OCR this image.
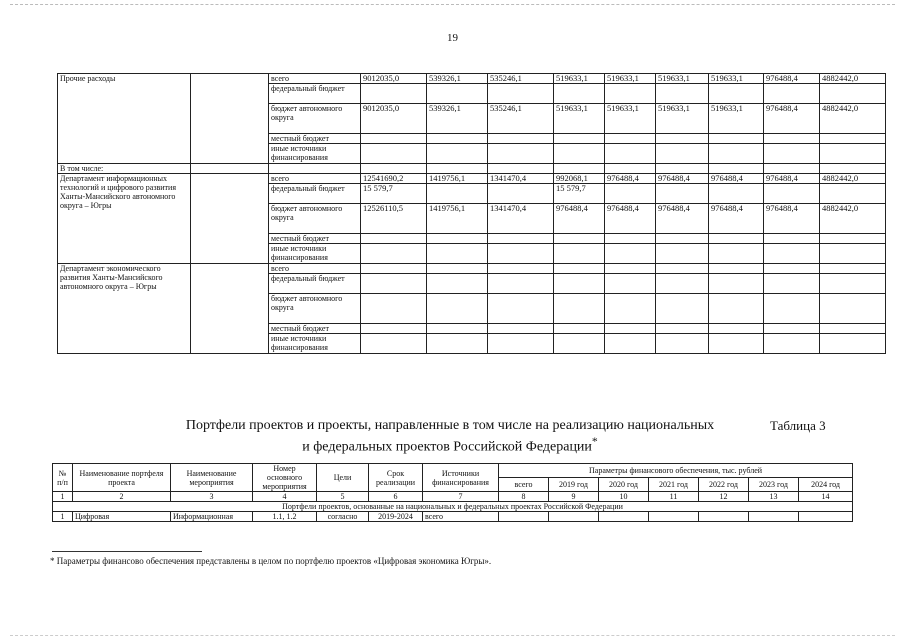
19
Прочие расходы		всего	9012035,0	539326,1	535246,1	519633,1	519633,1	519633,1	519633,1	976488,4	4882442,0
		федеральный бюджет									
		бюджет автономного округа	9012035,0	539326,1	535246,1	519633,1	519633,1	519633,1	519633,1	976488,4	4882442,0
		местный бюджет									
		иные источники финансирования									
В том числе:											
Департамент информационных технологий и цифрового развития Ханты-Мансийского автономного округа – Югры		всего	12541690,2	1419756,1	1341470,4	992068,1	976488,4	976488,4	976488,4	976488,4	4882442,0
		федеральный бюджет	15 579,7			15 579,7					
		бюджет автономного округа	12526110,5	1419756,1	1341470,4	976488,4	976488,4	976488,4	976488,4	976488,4	4882442,0
		местный бюджет									
		иные источники финансирования									
Департамент экономического развития Ханты-Мансийского автономного округа – Югры		всего									
		федеральный бюджет									
		бюджет автономного округа									
		местный бюджет									
		иные источники финансирования									
Портфели проектов и проекты, направленные в том числе на реализацию национальных
и федеральных проектов Российской Федерации*
Таблица 3
№ п/п	Наименование портфеля проекта	Наименование мероприятия	Номер основного мероприятия	Цели	Срок реализации	Источники финансирования	Параметры финансового обеспечения, тыс. рублей						
							всего	2019 год	2020 год	2021 год	2022 год	2023 год	2024 год
1	2	3	4	5	6	7	8	9	10	11	12	13	14
Портфели проектов, основанные на национальных и федеральных проектах Российской Федерации													
1	Цифровая	Информационная	1.1, 1.2	согласно	2019-2024	всего							
* Параметры финансово обеспечения представлены в целом по портфелю проектов «Цифровая экономика Югры».
